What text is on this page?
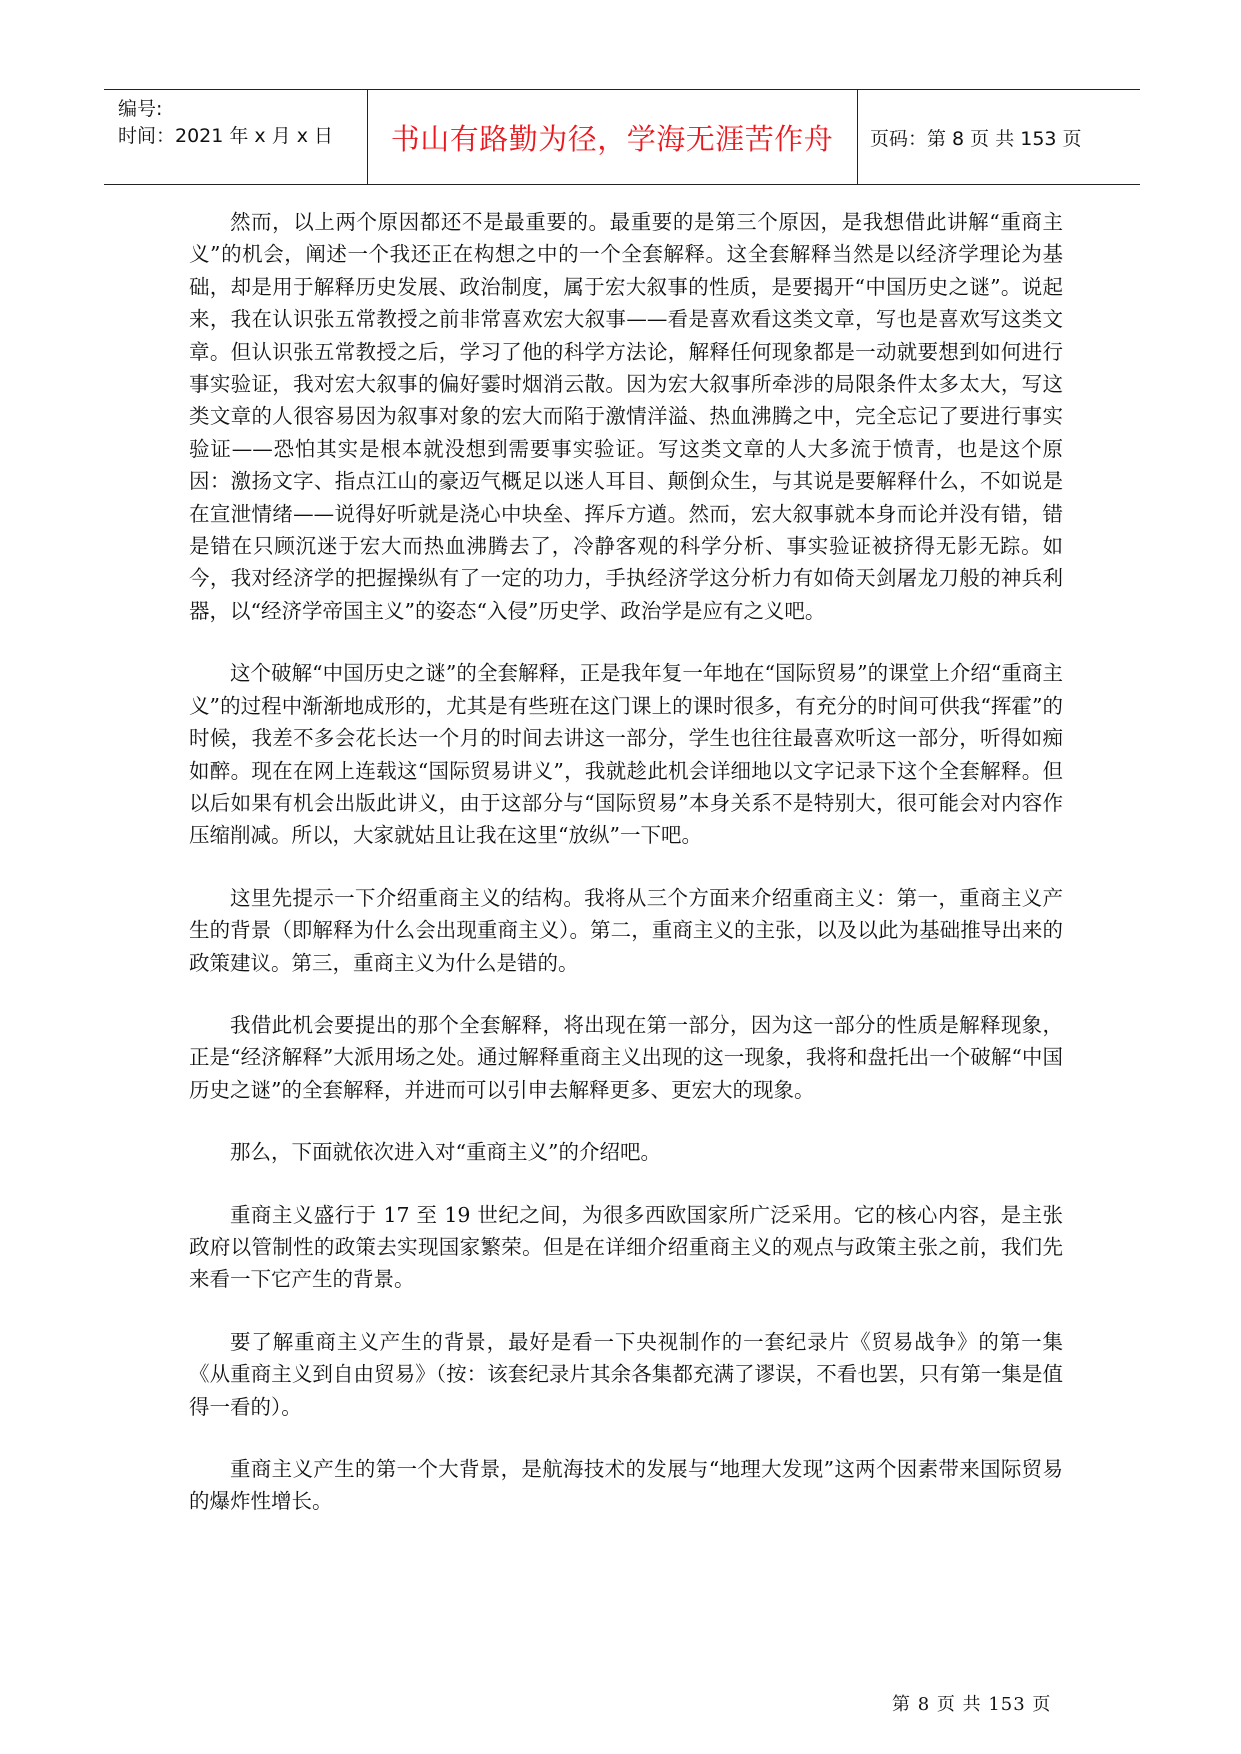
编号:
时间：2021 年 x 月 x 日	书山有路勤为径，学海无涯苦作舟	页码：第 8 页 共 153 页

然而，以上两个原因都还不是最重要的。最重要的是第三个原因，是我想借此讲解“重商主义”的机会，阐述一个我还正在构想之中的一个全套解释。这全套解释当然是以经济学理论为基础，却是用于解释历史发展、政治制度，属于宏大叙事的性质，是要揭开“中国历史之谜”。说起来，我在认识张五常教授之前非常喜欢宏大叙事——看是喜欢看这类文章，写也是喜欢写这类文章。但认识张五常教授之后，学习了他的科学方法论，解释任何现象都是一动就要想到如何进行事实验证，我对宏大叙事的偏好霎时烟消云散。因为宏大叙事所牵涉的局限条件太多太大，写这类文章的人很容易因为叙事对象的宏大而陷于激情洋溢、热血沸腾之中，完全忘记了要进行事实验证——恐怕其实是根本就没想到需要事实验证。写这类文章的人大多流于愤青，也是这个原因：激扬文字、指点江山的豪迈气概足以迷人耳目、颠倒众生，与其说是要解释什么，不如说是在宣泄情绪——说得好听就是浇心中块垒、挥斥方遒。然而，宏大叙事就本身而论并没有错，错是错在只顾沉迷于宏大而热血沸腾去了，冷静客观的科学分析、事实验证被挤得无影无踪。如今，我对经济学的把握操纵有了一定的功力，手执经济学这分析力有如倚天剑屠龙刀般的神兵利器，以“经济学帝国主义”的姿态“入侵”历史学、政治学是应有之义吧。

这个破解“中国历史之谜”的全套解释，正是我年复一年地在“国际贸易”的课堂上介绍“重商主义”的过程中渐渐地成形的，尤其是有些班在这门课上的课时很多，有充分的时间可供我“挥霍”的时候，我差不多会花长达一个月的时间去讲这一部分，学生也往往最喜欢听这一部分，听得如痴如醉。现在在网上连载这“国际贸易讲义”，我就趁此机会详细地以文字记录下这个全套解释。但以后如果有机会出版此讲义，由于这部分与“国际贸易”本身关系不是特别大，很可能会对内容作压缩削减。所以，大家就姑且让我在这里“放纵”一下吧。

这里先提示一下介绍重商主义的结构。我将从三个方面来介绍重商主义：第一，重商主义产生的背景（即解释为什么会出现重商主义）。第二，重商主义的主张，以及以此为基础推导出来的政策建议。第三，重商主义为什么是错的。

我借此机会要提出的那个全套解释，将出现在第一部分，因为这一部分的性质是解释现象，正是“经济解释”大派用场之处。通过解释重商主义出现的这一现象，我将和盘托出一个破解“中国历史之谜”的全套解释，并进而可以引申去解释更多、更宏大的现象。

那么，下面就依次进入对“重商主义”的介绍吧。

重商主义盛行于 17 至 19 世纪之间，为很多西欧国家所广泛采用。它的核心内容，是主张政府以管制性的政策去实现国家繁荣。但是在详细介绍重商主义的观点与政策主张之前，我们先来看一下它产生的背景。

要了解重商主义产生的背景，最好是看一下央视制作的一套纪录片《贸易战争》的第一集《从重商主义到自由贸易》（按：该套纪录片其余各集都充满了谬误，不看也罢，只有第一集是值得一看的）。

重商主义产生的第一个大背景，是航海技术的发展与“地理大发现”这两个因素带来国际贸易的爆炸性增长。

第 8 页 共 153 页
